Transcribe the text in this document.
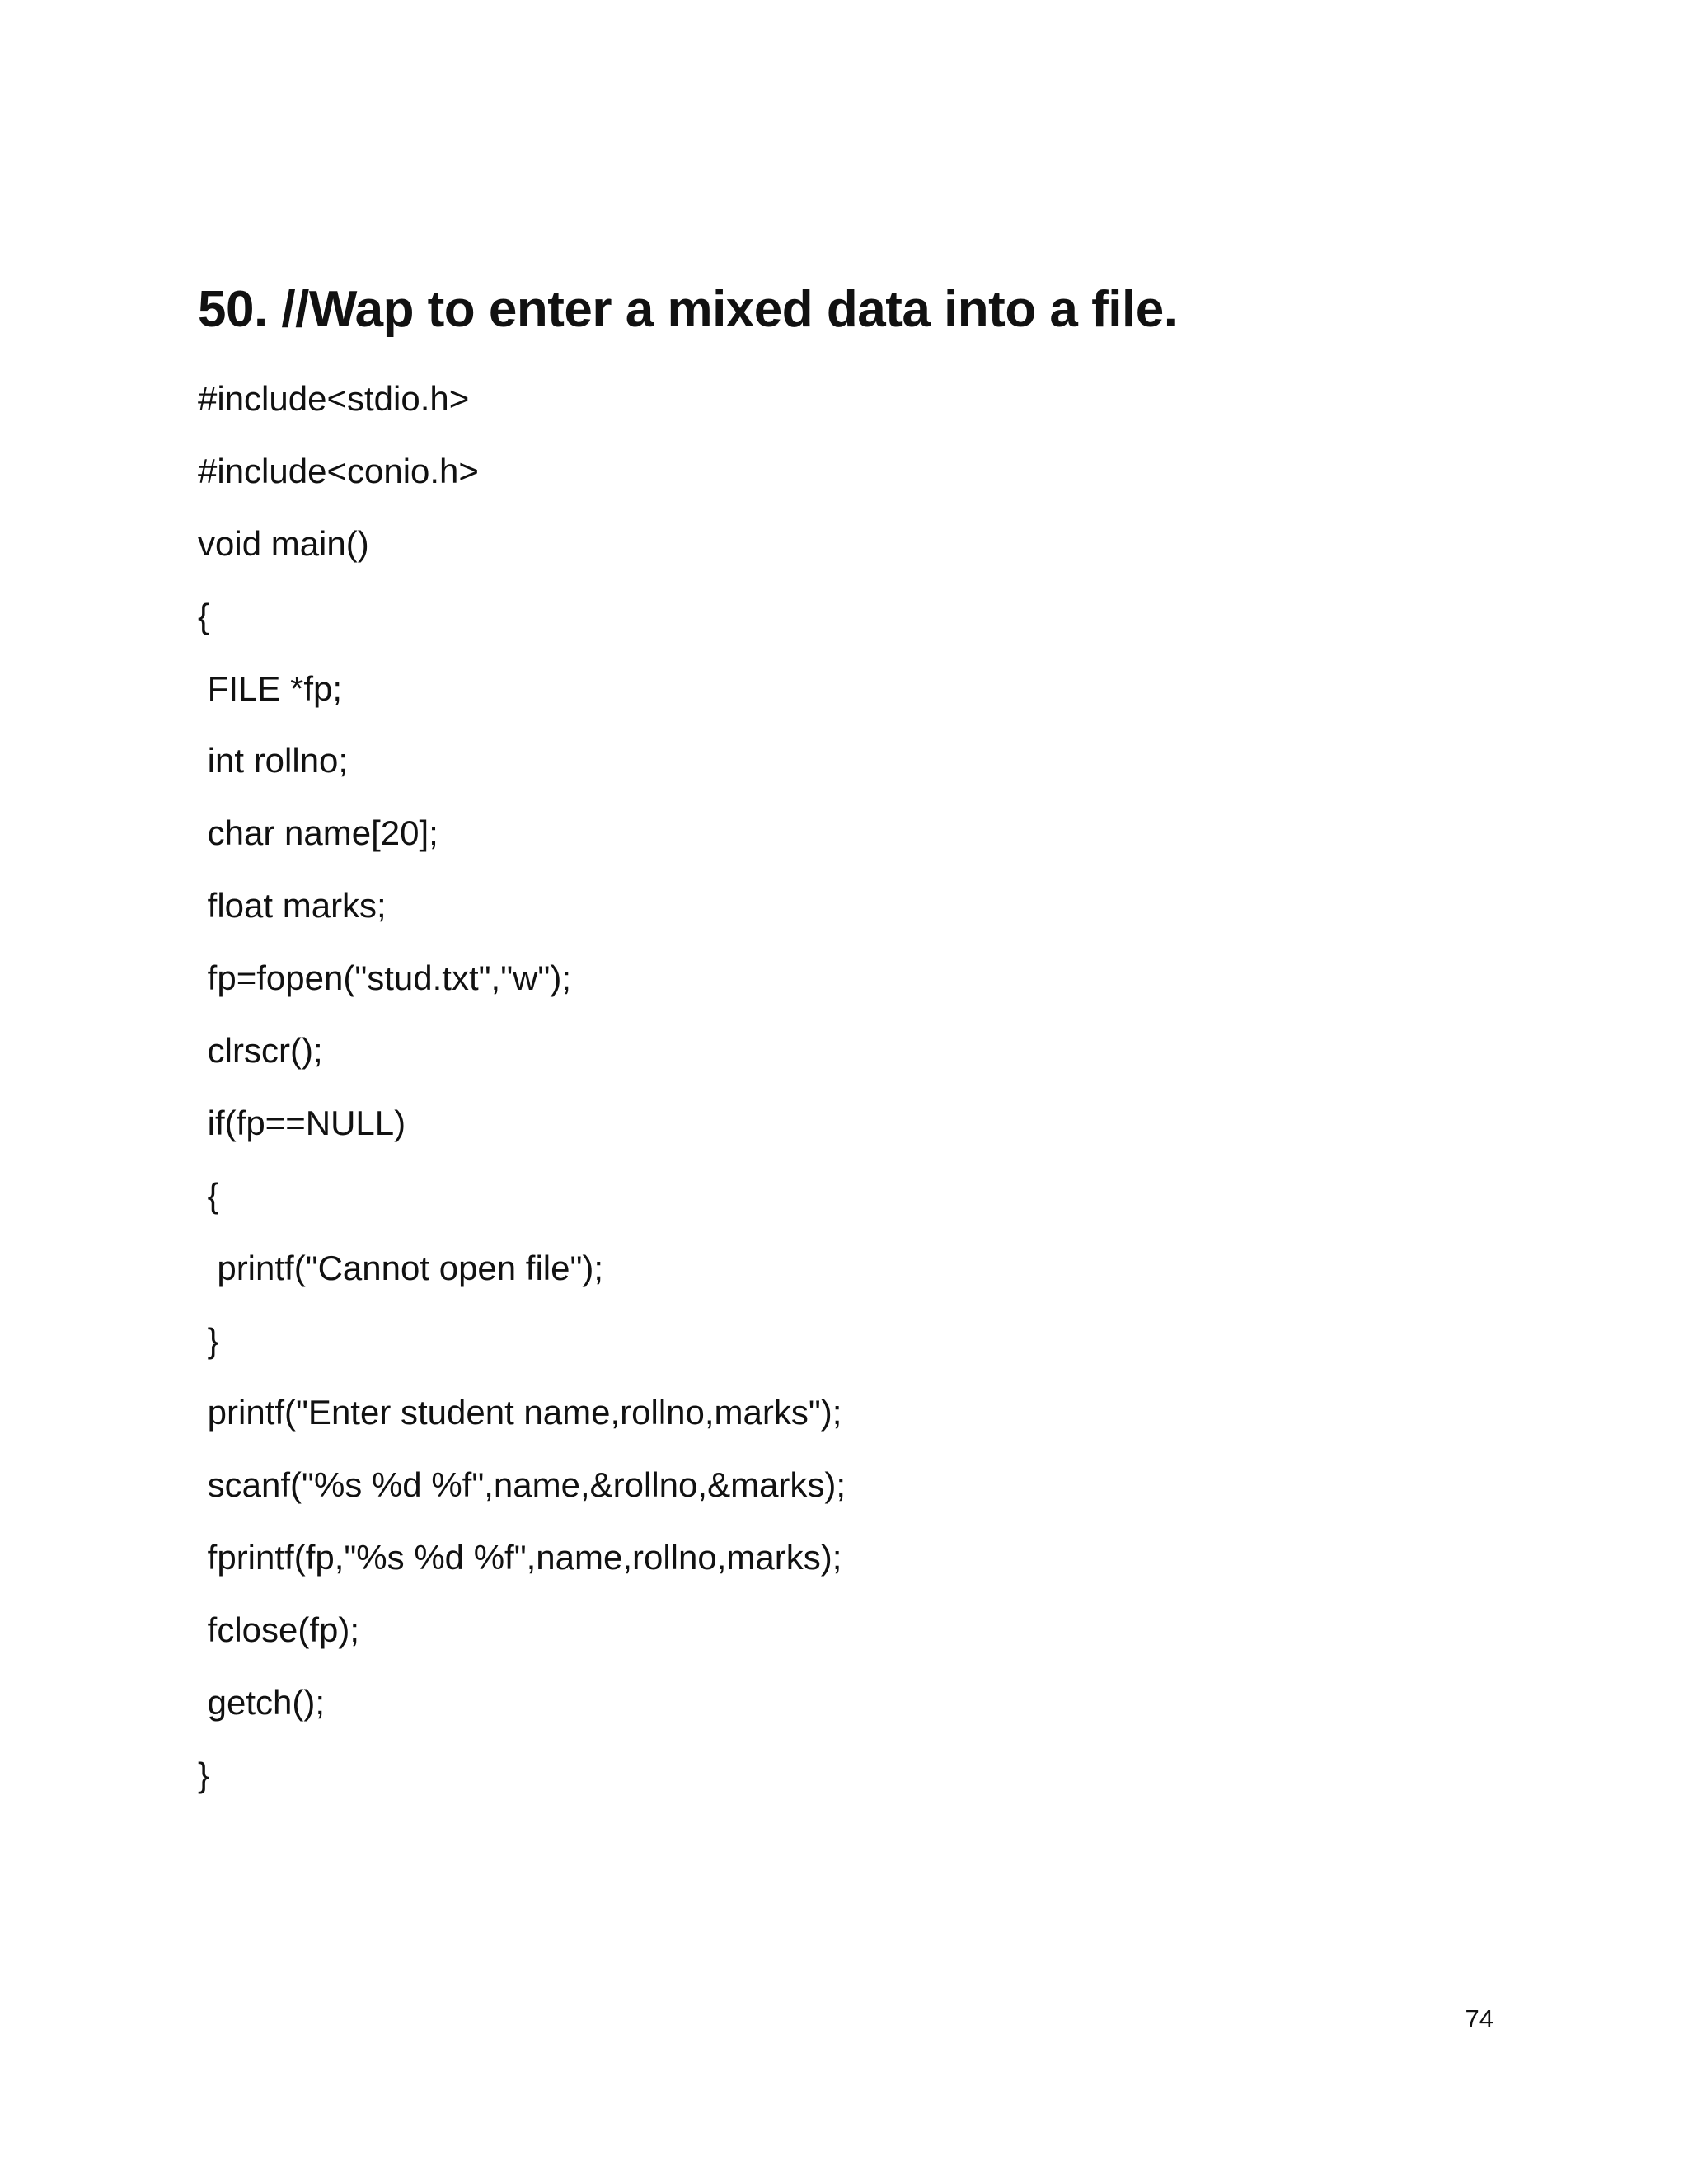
50. //Wap to enter a mixed data into a file.
#include<stdio.h>
#include<conio.h>
void main()
{
FILE *fp;
int rollno;
char name[20];
float marks;
fp=fopen("stud.txt","w");
clrscr();
if(fp==NULL)
{
printf("Cannot open file");
}
printf("Enter student name,rollno,marks");
scanf("%s %d %f",name,&rollno,&marks);
fprintf(fp,"%s %d %f",name,rollno,marks);
fclose(fp);
getch();
}
74
